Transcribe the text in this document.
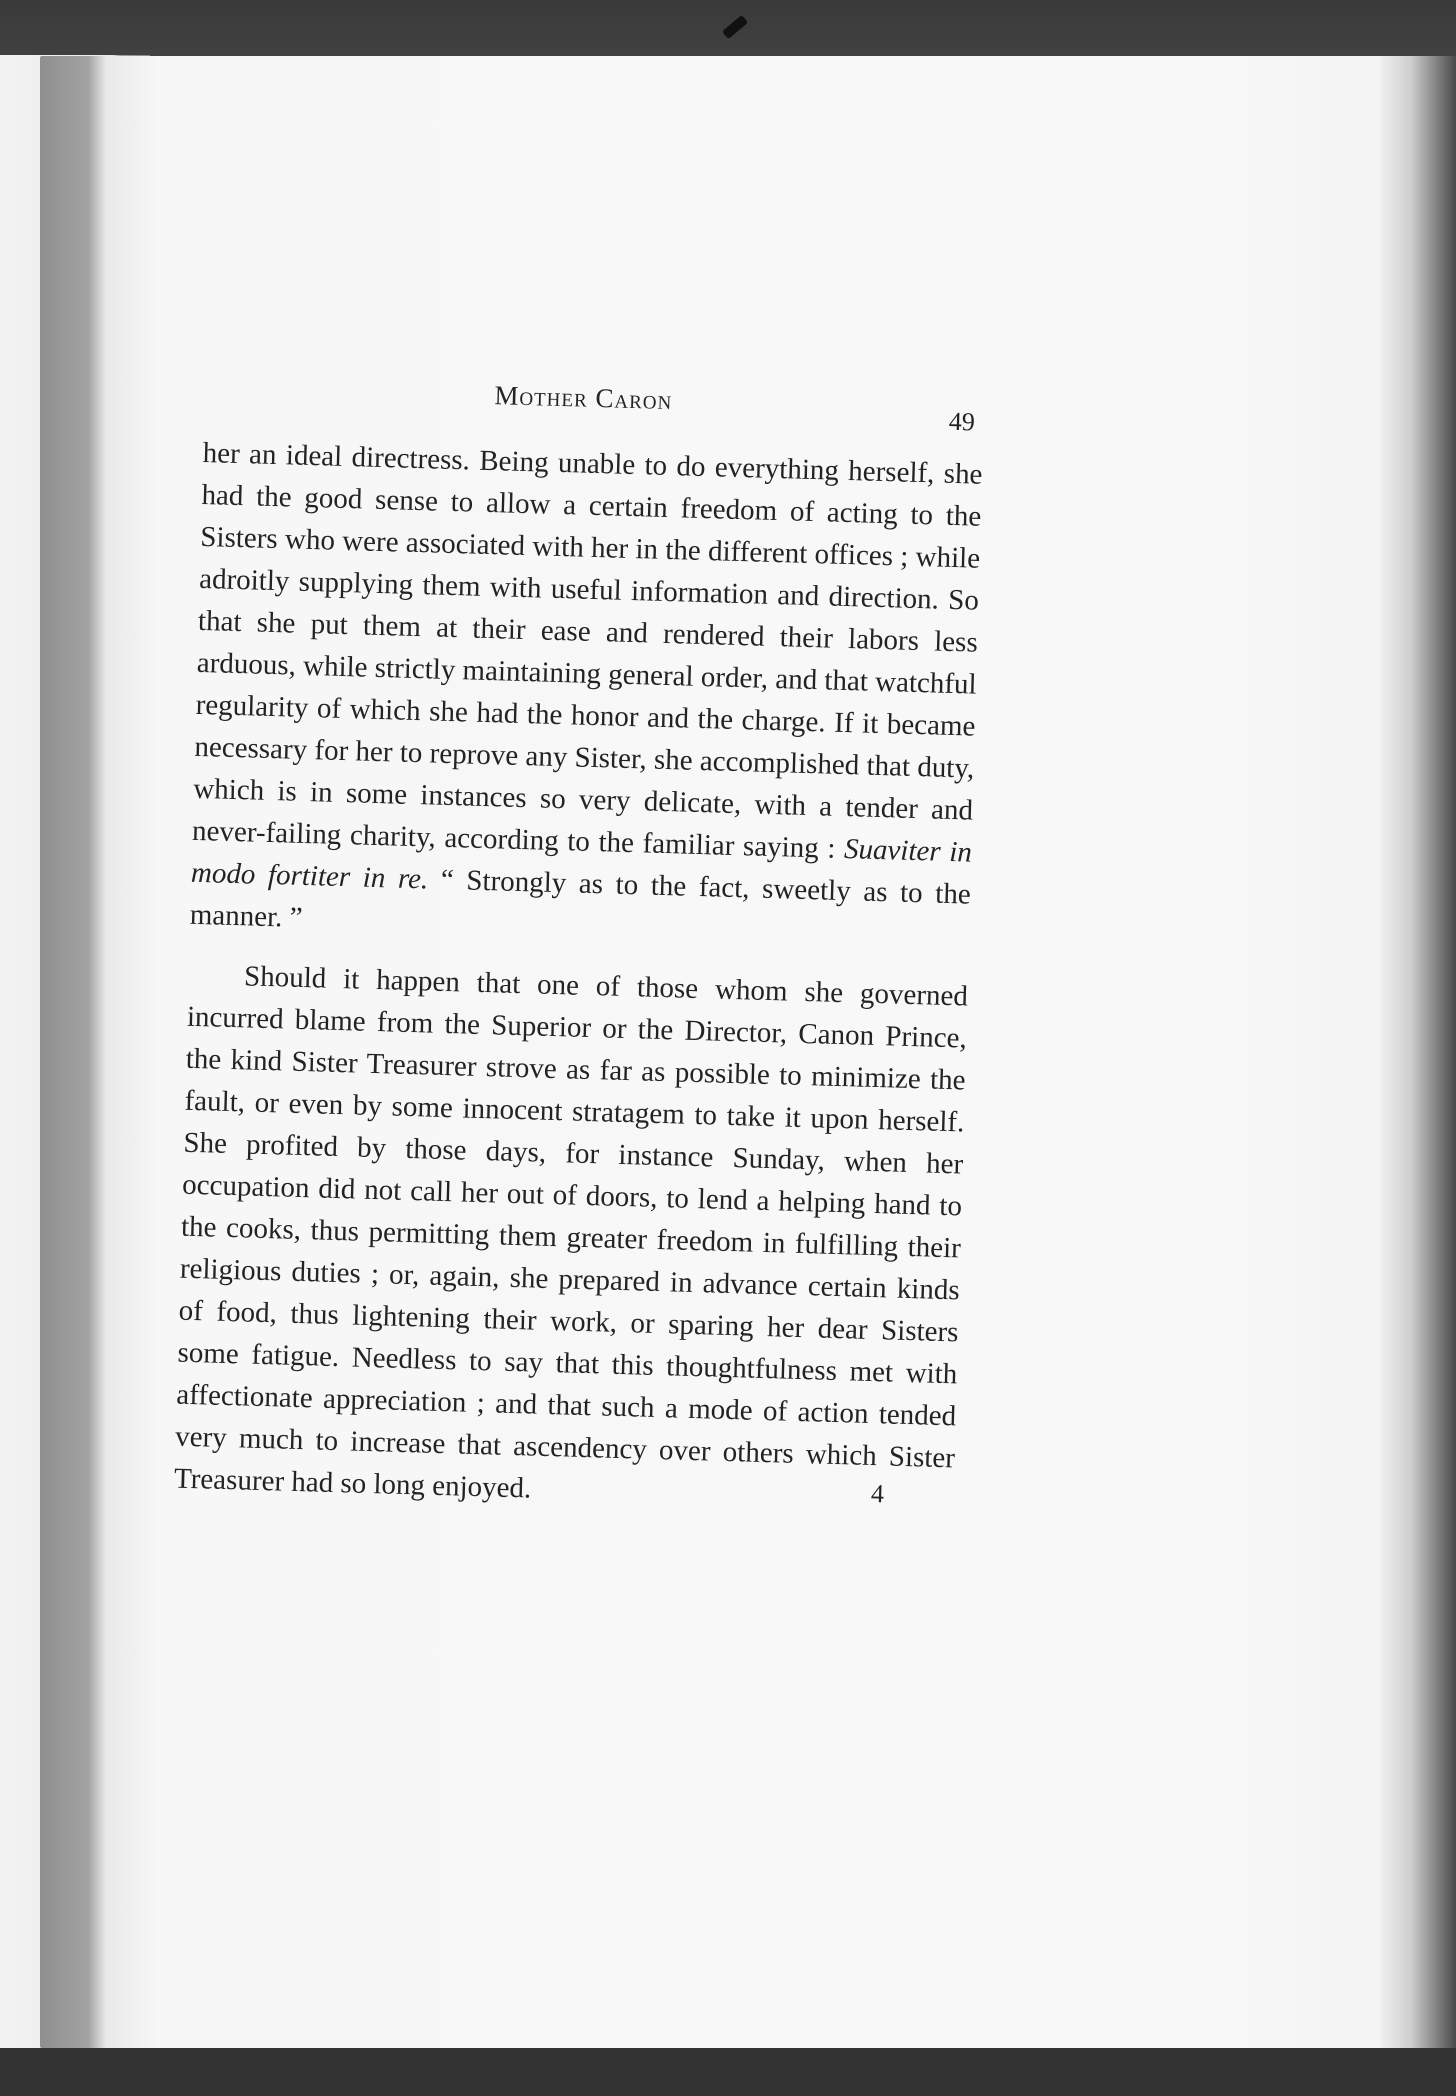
Mother Caron
49

her an ideal directress. Being unable to do everything herself, she had the good sense to allow a certain freedom of acting to the Sisters who were associated with her in the different offices ; while adroitly supplying them with useful information and direction. So that she put them at their ease and rendered their labors less arduous, while strictly maintaining general order, and that watchful regularity of which she had the honor and the charge. If it became necessary for her to reprove any Sister, she accomplished that duty, which is in some instances so very delicate, with a tender and never-failing charity, according to the familiar saying : Suaviter in modo fortiter in re. “ Strongly as to the fact, sweetly as to the manner. ”

Should it happen that one of those whom she governed incurred blame from the Superior or the Director, Canon Prince, the kind Sister Treasurer strove as far as possible to minimize the fault, or even by some innocent stratagem to take it upon herself. She profited by those days, for instance Sunday, when her occupation did not call her out of doors, to lend a helping hand to the cooks, thus permitting them greater freedom in fulfilling their religious duties ; or, again, she prepared in advance certain kinds of food, thus lightening their work, or sparing her dear Sisters some fatigue. Needless to say that this thoughtfulness met with affectionate appreciation ; and that such a mode of action tended very much to increase that ascendency over others which Sister Treasurer had so long enjoyed.	4
